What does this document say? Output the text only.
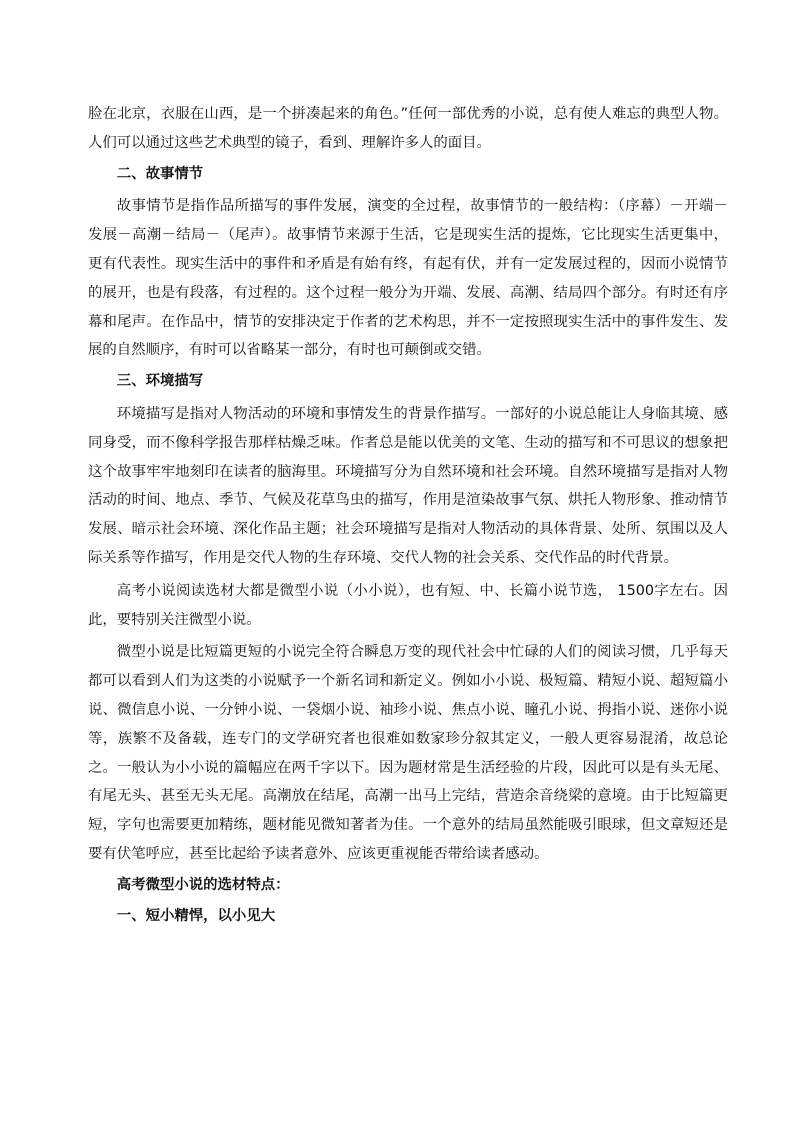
脸在北京，衣服在山西，是一个拼凑起来的角色。”任何一部优秀的小说，总有使人难忘的典型人物。人们可以通过这些艺术典型的镜子，看到、理解许多人的面目。

二、故事情节

故事情节是指作品所描写的事件发展，演变的全过程，故事情节的一般结构：（序幕）－开端－发展－高潮－结局－（尾声）。故事情节来源于生活，它是现实生活的提炼，它比现实生活更集中，更有代表性。现实生活中的事件和矛盾是有始有终，有起有伏，并有一定发展过程的，因而小说情节的展开，也是有段落，有过程的。这个过程一般分为开端、发展、高潮、结局四个部分。有时还有序幕和尾声。在作品中，情节的安排决定于作者的艺术构思，并不一定按照现实生活中的事件发生、发展的自然顺序，有时可以省略某一部分，有时也可颠倒或交错。

三、环境描写

环境描写是指对人物活动的环境和事情发生的背景作描写。一部好的小说总能让人身临其境、感同身受，而不像科学报告那样枯燥乏味。作者总是能以优美的文笔、生动的描写和不可思议的想象把这个故事牢牢地刻印在读者的脑海里。环境描写分为自然环境和社会环境。自然环境描写是指对人物活动的时间、地点、季节、气候及花草鸟虫的描写，作用是渲染故事气氛、烘托人物形象、推动情节发展、暗示社会环境、深化作品主题；社会环境描写是指对人物活动的具体背景、处所、氛围以及人际关系等作描写，作用是交代人物的生存环境、交代人物的社会关系、交代作品的时代背景。

高考小说阅读选材大都是微型小说（小小说），也有短、中、长篇小说节选， 1500字左右。因此，要特别关注微型小说。

微型小说是比短篇更短的小说完全符合瞬息万变的现代社会中忙碌的人们的阅读习惯，几乎每天都可以看到人们为这类的小说赋予一个新名词和新定义。例如小小说、极短篇、精短小说、超短篇小说、微信息小说、一分钟小说、一袋烟小说、袖珍小说、焦点小说、瞳孔小说、拇指小说、迷你小说等，族繁不及备载，连专门的文学研究者也很难如数家珍分叙其定义，一般人更容易混淆，故总论之。一般认为小小说的篇幅应在两千字以下。因为题材常是生活经验的片段，因此可以是有头无尾、有尾无头、甚至无头无尾。高潮放在结尾，高潮一出马上完结，营造余音绕梁的意境。由于比短篇更短，字句也需要更加精练，题材能见微知著者为佳。一个意外的结局虽然能吸引眼球，但文章短还是要有伏笔呼应，甚至比起给予读者意外、应该更重视能否带给读者感动。

高考微型小说的选材特点：

一、短小精悍，以小见大
